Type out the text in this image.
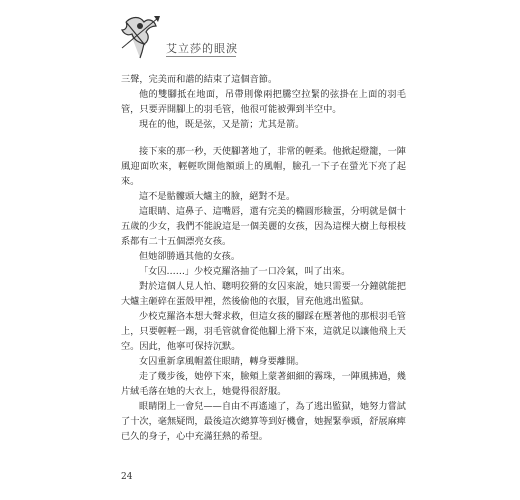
艾立莎的眼淚

三聲，完美而和諧的結束了這個音節。

他的雙腳抵在地面，吊帶則像兩把騰空拉緊的弦掛在上面的羽毛管，只要弄開腳上的羽毛管，他很可能被彈到半空中。

現在的他，既是弦，又是箭；尤其是箭。

接下來的那一秒，天使腳著地了，非常的輕柔。他掀起燈籠，一陣風迎面吹來，輕輕吹開他額頭上的風帽，臉孔一下子在螢光下亮了起來。

這不是骷髏頭大爐主的臉，絕對不是。

這眼睛、這鼻子、這嘴唇，還有完美的橢圓形臉蛋，分明就是個十五歲的少女，我們不能說這是一個美麗的女孩，因為這棵大樹上每根枝系都有二十五個漂亮女孩。

但她卻勝過其他的女孩。

「女囚……」少校克羅洛抽了一口冷氣，叫了出來。

對於這個人見人怕、聰明狡猾的女囚來說，她只需要一分鐘就能把大爐主砸碎在蛋殼甲裡，然後偷他的衣服，冒充他逃出監獄。

少校克羅洛本想大聲求救，但這女孩的腳踩在壓著他的那根羽毛管上，只要輕輕一踢，羽毛管就會從他腳上滑下來，這就足以讓他飛上天空。因此，他寧可保持沉默。

女囚重新拿風帽蓋住眼睛，轉身要離開。

走了幾步後，她停下來，臉頰上蒙著細細的霧珠，一陣風拂過，幾片絨毛落在她的大衣上，她覺得很舒服。

眼睛閉上一會兒——自由不再遙遠了，為了逃出監獄，她努力嘗試了十次，毫無疑問，最後這次總算等到好機會，她握緊拳頭，舒展麻痺已久的身子，心中充滿狂熱的希望。

24
